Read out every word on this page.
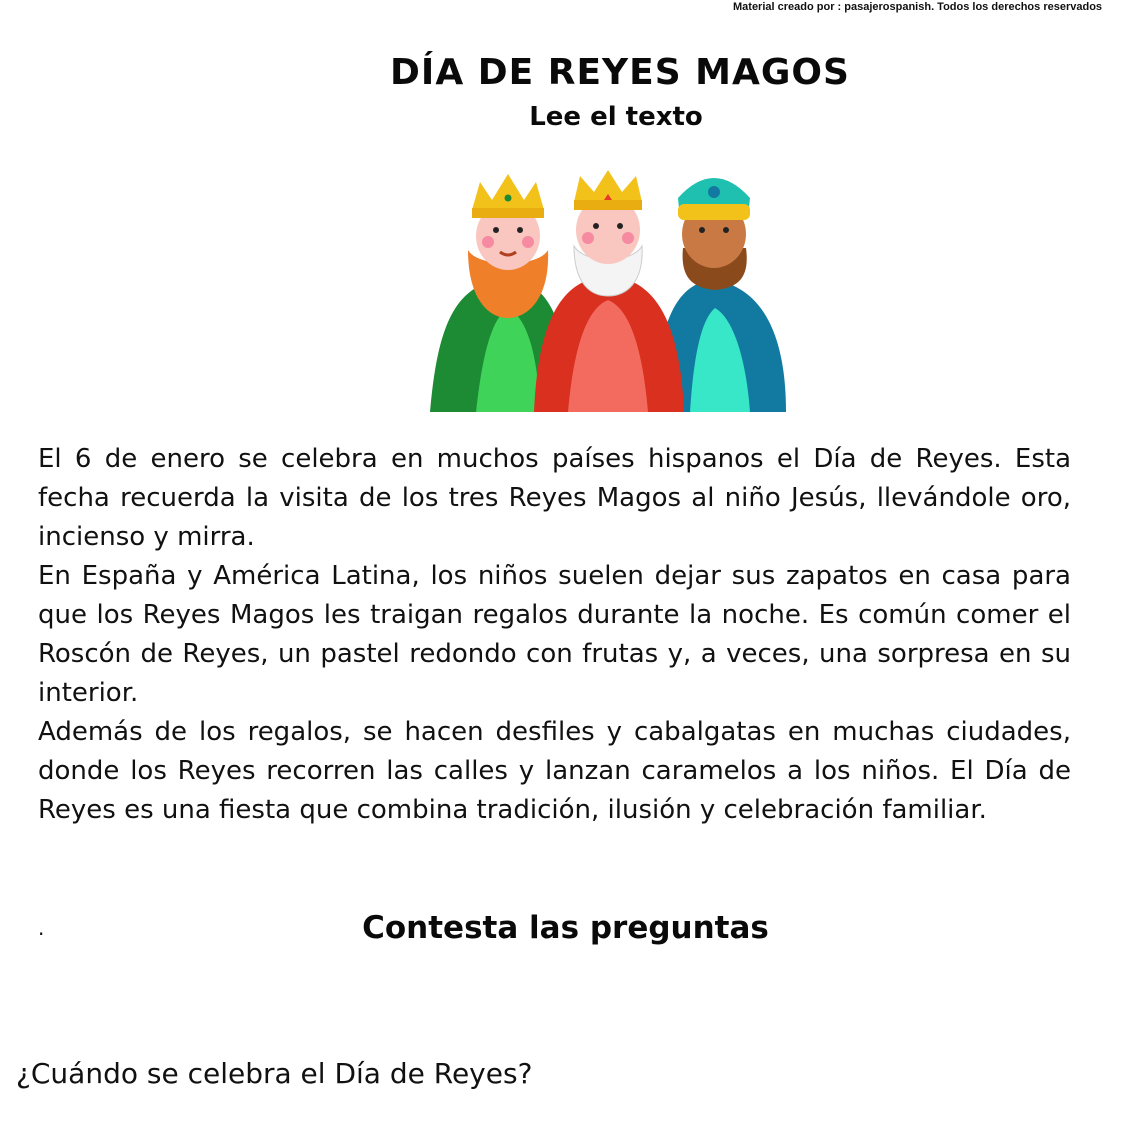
Material creado por : pasajerospanish. Todos los derechos reservados
DÍA DE REYES MAGOS
Lee el texto

El 6 de enero se celebra en muchos países hispanos el Día de Reyes. Esta fecha recuerda la visita de los tres Reyes Magos al niño Jesús, llevándole oro, incienso y mirra.

En España y América Latina, los niños suelen dejar sus zapatos en casa para que los Reyes Magos les traigan regalos durante la noche. Es común comer el Roscón de Reyes, un pastel redondo con frutas y, a veces, una sorpresa en su interior.

Además de los regalos, se hacen desfiles y cabalgatas en muchas ciudades, donde los Reyes recorren las calles y lanzan caramelos a los niños. El Día de Reyes es una fiesta que combina tradición, ilusión y celebración familiar.

.	Contesta las preguntas
¿Cuándo se celebra el Día de Reyes?
